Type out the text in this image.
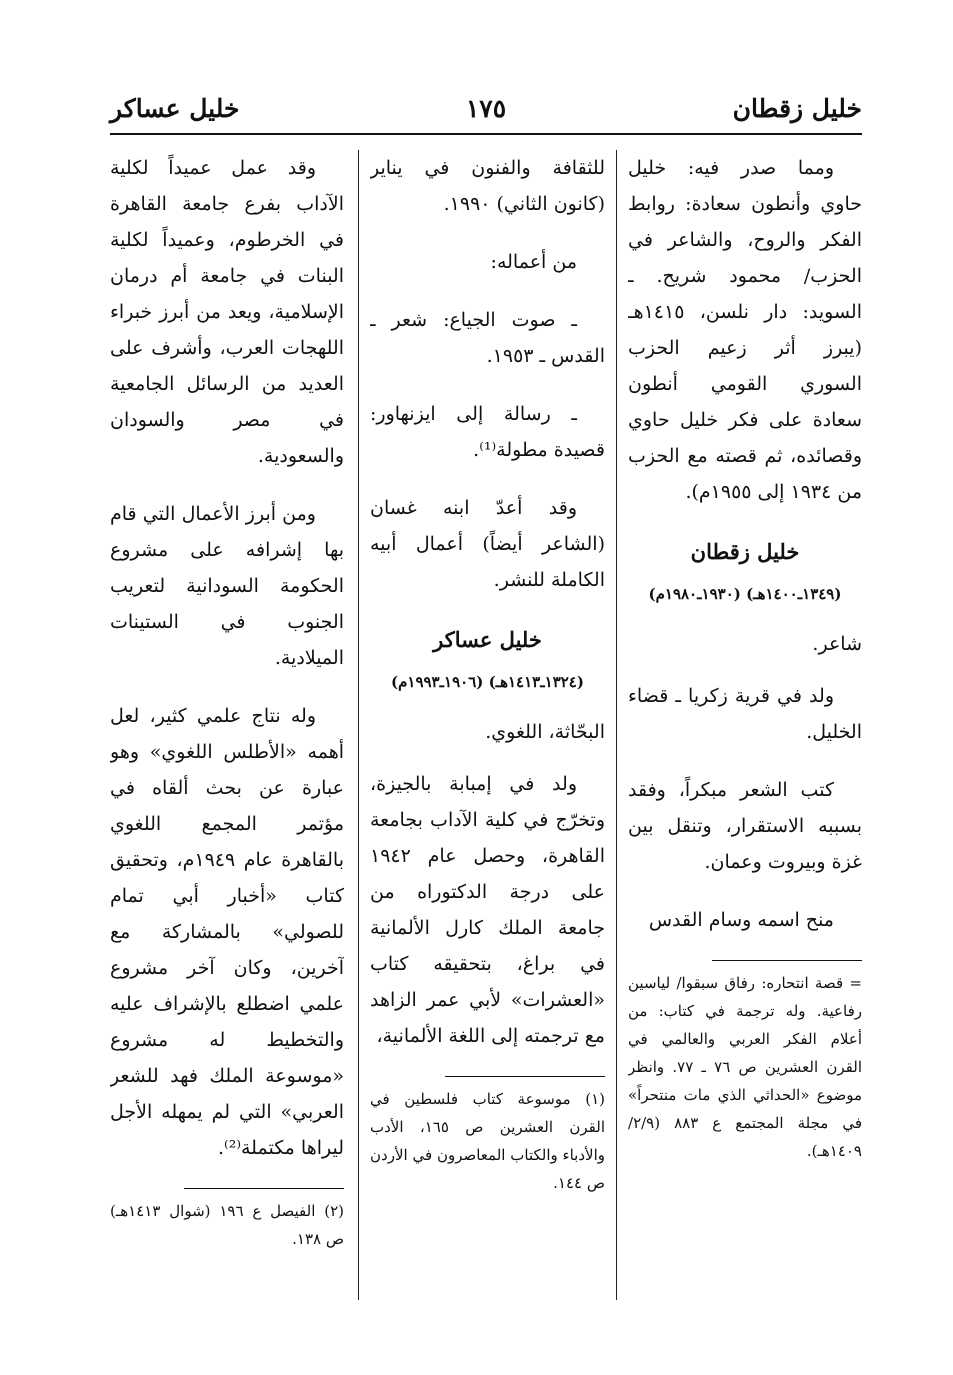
خليل زقطان
١٧٥
خليل عساكر

ومما صدر فيه: خليل حاوي وأنطون سعادة: روابط الفكر والروح، والشاعر في الحزب/ محمود شريح. ـ السويد: دار نلسن، ١٤١٥هـ (يبرز أثر زعيم الحزب السوري القومي أنطون سعادة على فكر خليل حاوي وقصائده، ثم قصته مع الحزب من ١٩٣٤ إلى ١٩٥٥م).

خليل زقطان
(١٣٤٩ـ١٤٠٠هـ) (١٩٣٠ـ١٩٨٠م)

شاعر.

ولد في قرية زكريا ـ قضاء الخليل.

كتب الشعر مبكراً، وفقد بسببه الاستقرار، وتنقل بين غزة وبيروت وعمان.

منح اسمه وسام القدس

= قصة انتحاره: رفاق سبقوا/ لياسين رفاعية. وله ترجمة في كتاب: من أعلام الفكر العربي والعالمي في القرن العشرين ص ٧٦ ـ ٧٧. وانظر موضوع «الحداثي الذي مات منتحراً» في مجلة المجتمع ع ٨٨٣ (٢/٩/ ١٤٠٩هـ).

للثقافة والفنون في يناير (كانون الثاني) ١٩٩٠.

من أعماله:

ـ صوت الجياع: شعر ـ القدس ـ ١٩٥٣.

ـ رسالة إلى ايزنهاور: قصيدة مطولة⁽¹⁾.

وقد أعدّ ابنه غسان (الشاعر أيضاً) أعمال أبيه الكاملة للنشر.

خليل عساكر
(١٣٢٤ـ١٤١٣هـ) (١٩٠٦ـ١٩٩٣م)

البحّاثة، اللغوي.

ولد في إمبابة بالجيزة، وتخرّج في كلية الآداب بجامعة القاهرة، وحصل عام ١٩٤٢ على درجة الدكتوراه من جامعة الملك كارل الألمانية في براغ، بتحقيقه كتاب «العشرات» لأبي عمر الزاهد مع ترجمته إلى اللغة الألمانية،

(١) موسوعة كتاب فلسطين في القرن العشرين ص ١٦٥، الأدب والأدباء والكتاب المعاصرون في الأردن ص ١٤٤.

وقد عمل عميداً لكلية الآداب بفرع جامعة القاهرة في الخرطوم، وعميداً لكلية البنات في جامعة أم درمان الإسلامية، ويعد من أبرز خبراء اللهجات العرب، وأشرف على العديد من الرسائل الجامعية في مصر والسودان والسعودية.

ومن أبرز الأعمال التي قام بها إشرافه على مشروع الحكومة السودانية لتعريب الجنوب في الستينات الميلادية.

وله نتاج علمي كثير، لعل أهمه «الأطلس اللغوي» وهو عبارة عن بحث ألقاه في مؤتمر المجمع اللغوي بالقاهرة عام ١٩٤٩م، وتحقيق كتاب «أخبار أبي تمام للصولي» بالمشاركة مع آخرين، وكان آخر مشروع علمي اضطلع بالإشراف عليه والتخطيط له مشروع «موسوعة الملك فهد للشعر العربي» التي لم يمهله الأجل ليراها مكتملة⁽²⁾.

(٢) الفيصل ع ١٩٦ (شوال ١٤١٣هـ) ص ١٣٨.
